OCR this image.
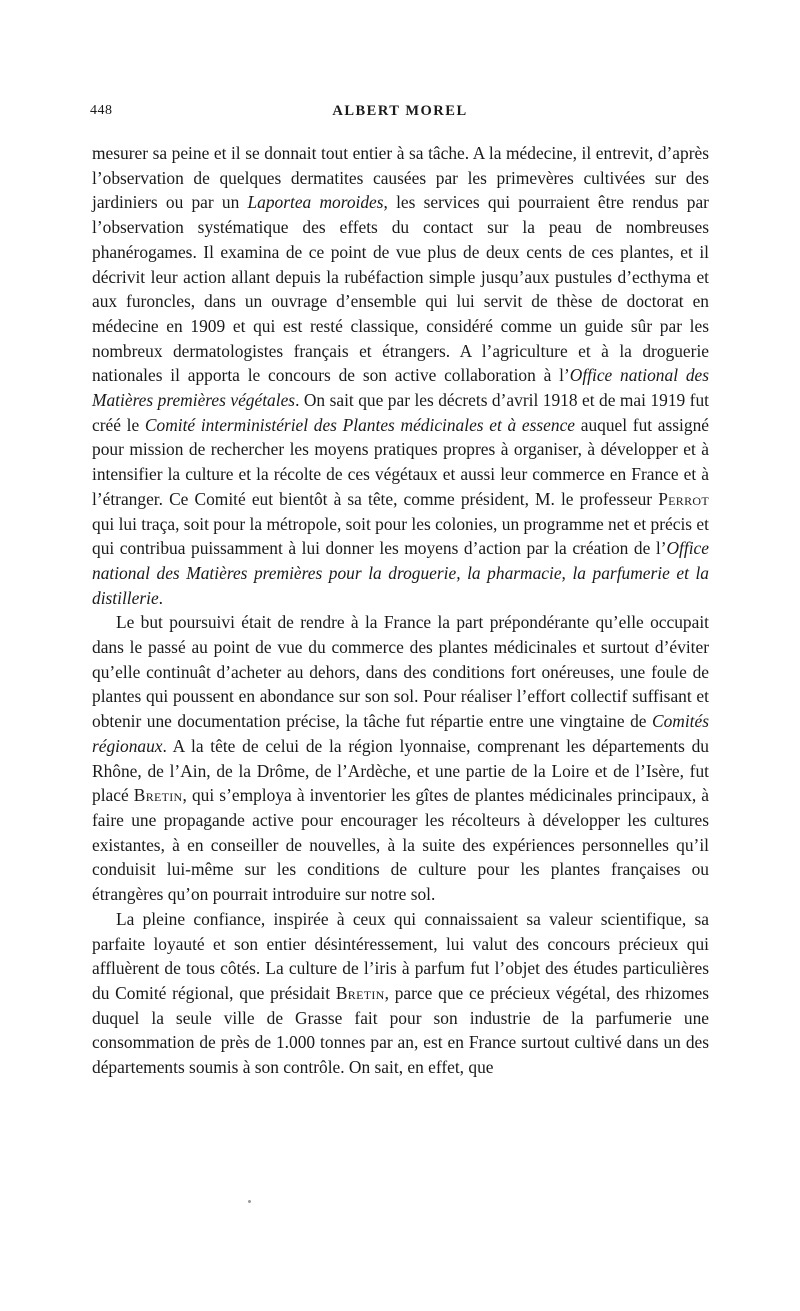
448	ALBERT MOREL

mesurer sa peine et il se donnait tout entier à sa tâche. A la médecine, il entrevit, d’après l’observation de quelques dermatites causées par les primevères cultivées sur des jardiniers ou par un Laportea moroides, les services qui pourraient être rendus par l’observation systématique des effets du contact sur la peau de nombreuses phanérogames. Il examina de ce point de vue plus de deux cents de ces plantes, et il décrivit leur action allant depuis la rubéfaction simple jusqu’aux pustules d’ecthyma et aux furoncles, dans un ouvrage d’ensemble qui lui servit de thèse de doctorat en médecine en 1909 et qui est resté classique, considéré comme un guide sûr par les nombreux dermatologistes français et étrangers. A l’agriculture et à la droguerie nationales il apporta le concours de son active collaboration à l’Office national des Matières premières végétales. On sait que par les décrets d’avril 1918 et de mai 1919 fut créé le Comité interministériel des Plantes médicinales et à essence auquel fut assigné pour mission de rechercher les moyens pratiques propres à organiser, à développer et à intensifier la culture et la récolte de ces végétaux et aussi leur commerce en France et à l’étranger. Ce Comité eut bientôt à sa tête, comme président, M. le professeur Perrot qui lui traça, soit pour la métropole, soit pour les colonies, un programme net et précis et qui contribua puissamment à lui donner les moyens d’action par la création de l’Office national des Matières premières pour la droguerie, la pharmacie, la parfumerie et la distillerie.

Le but poursuivi était de rendre à la France la part prépondérante qu’elle occupait dans le passé au point de vue du commerce des plantes médicinales et surtout d’éviter qu’elle continuât d’acheter au dehors, dans des conditions fort onéreuses, une foule de plantes qui poussent en abondance sur son sol. Pour réaliser l’effort collectif suffisant et obtenir une documentation précise, la tâche fut répartie entre une vingtaine de Comités régionaux. A la tête de celui de la région lyonnaise, comprenant les départements du Rhône, de l’Ain, de la Drôme, de l’Ardèche, et une partie de la Loire et de l’Isère, fut placé Bretin, qui s’employa à inventorier les gîtes de plantes médicinales principaux, à faire une propagande active pour encourager les récolteurs à développer les cultures existantes, à en conseiller de nouvelles, à la suite des expériences personnelles qu’il conduisit lui-même sur les conditions de culture pour les plantes françaises ou étrangères qu’on pourrait introduire sur notre sol.

La pleine confiance, inspirée à ceux qui connaissaient sa valeur scientifique, sa parfaite loyauté et son entier désintéressement, lui valut des concours précieux qui affluèrent de tous côtés. La culture de l’iris à parfum fut l’objet des études particulières du Comité régional, que présidait Bretin, parce que ce précieux végétal, des rhizomes duquel la seule ville de Grasse fait pour son industrie de la parfumerie une consommation de près de 1.000 tonnes par an, est en France surtout cultivé dans un des départements soumis à son contrôle. On sait, en effet, que
